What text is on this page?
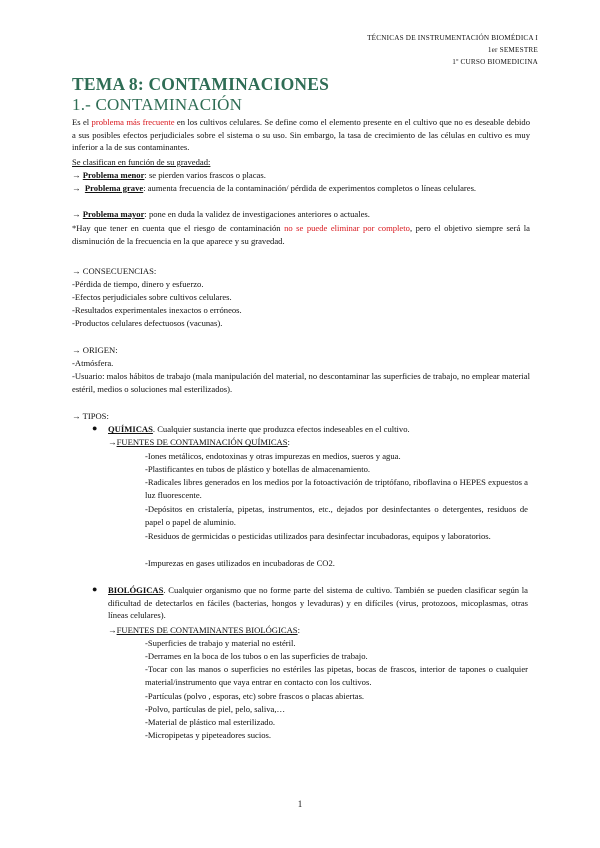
TÉCNICAS DE INSTRUMENTACIÓN BIOMÉDICA I
1er SEMESTRE
1º CURSO BIOMEDICINA
TEMA 8: CONTAMINACIONES
1.- CONTAMINACIÓN
Es el problema más frecuente en los cultivos celulares. Se define como el elemento presente en el cultivo que no es deseable debido a sus posibles efectos perjudiciales sobre el sistema o su uso. Sin embargo, la tasa de crecimiento de las células en cultivo es muy inferior a la de sus contaminantes.
Se clasifican en función de su gravedad:
→ Problema menor: se pierden varios frascos o placas.
→ Problema grave: aumenta frecuencia de la contaminación/ pérdida de experimentos completos o líneas celulares.
→ Problema mayor: pone en duda la validez de investigaciones anteriores o actuales.
*Hay que tener en cuenta que el riesgo de contaminación no se puede eliminar por completo, pero el objetivo siempre será la disminución de la frecuencia en la que aparece y su gravedad.
→ CONSECUENCIAS:
-Pérdida de tiempo, dinero y esfuerzo.
-Efectos perjudiciales sobre cultivos celulares.
-Resultados experimentales inexactos o erróneos.
-Productos celulares defectuosos (vacunas).
→ ORIGEN:
-Atmósfera.
-Usuario: malos hábitos de trabajo (mala manipulación del material, no descontaminar las superficies de trabajo, no emplear material estéril, medios o soluciones mal esterilizados).
→ TIPOS:
● QUÍMICAS. Cualquier sustancia inerte que produzca efectos indeseables en el cultivo.
→FUENTES DE CONTAMINACIÓN QUÍMICAS:
-Iones metálicos, endotoxinas y otras impurezas en medios, sueros y agua.
-Plastificantes en tubos de plástico y botellas de almacenamiento.
-Radicales libres generados en los medios por la fotoactivación de triptófano, riboflavina o HEPES expuestos a luz fluorescente.
-Depósitos en cristalería, pipetas, instrumentos, etc., dejados por desinfectantes o detergentes, residuos de papel o papel de aluminio.
-Residuos de germicidas o pesticidas utilizados para desinfectar incubadoras, equipos y laboratorios.
-Impurezas en gases utilizados en incubadoras de CO2.
● BIOLÓGICAS. Cualquier organismo que no forme parte del sistema de cultivo. También se pueden clasificar según la dificultad de detectarlos en fáciles (bacterias, hongos y levaduras) y en difíciles (virus, protozoos, micoplasmas, otras líneas celulares).
→FUENTES DE CONTAMINANTES BIOLÓGICAS:
-Superficies de trabajo y material no estéril.
-Derrames en la boca de los tubos o en las superficies de trabajo.
-Tocar con las manos o superficies no estériles las pipetas, bocas de frascos, interior de tapones o cualquier material/instrumento que vaya entrar en contacto con los cultivos.
-Partículas (polvo , esporas, etc) sobre frascos o placas abiertas.
-Polvo, partículas de piel, pelo, saliva,…
-Material de plástico mal esterilizado.
-Micropipetas y pipeteadores sucios.
1
